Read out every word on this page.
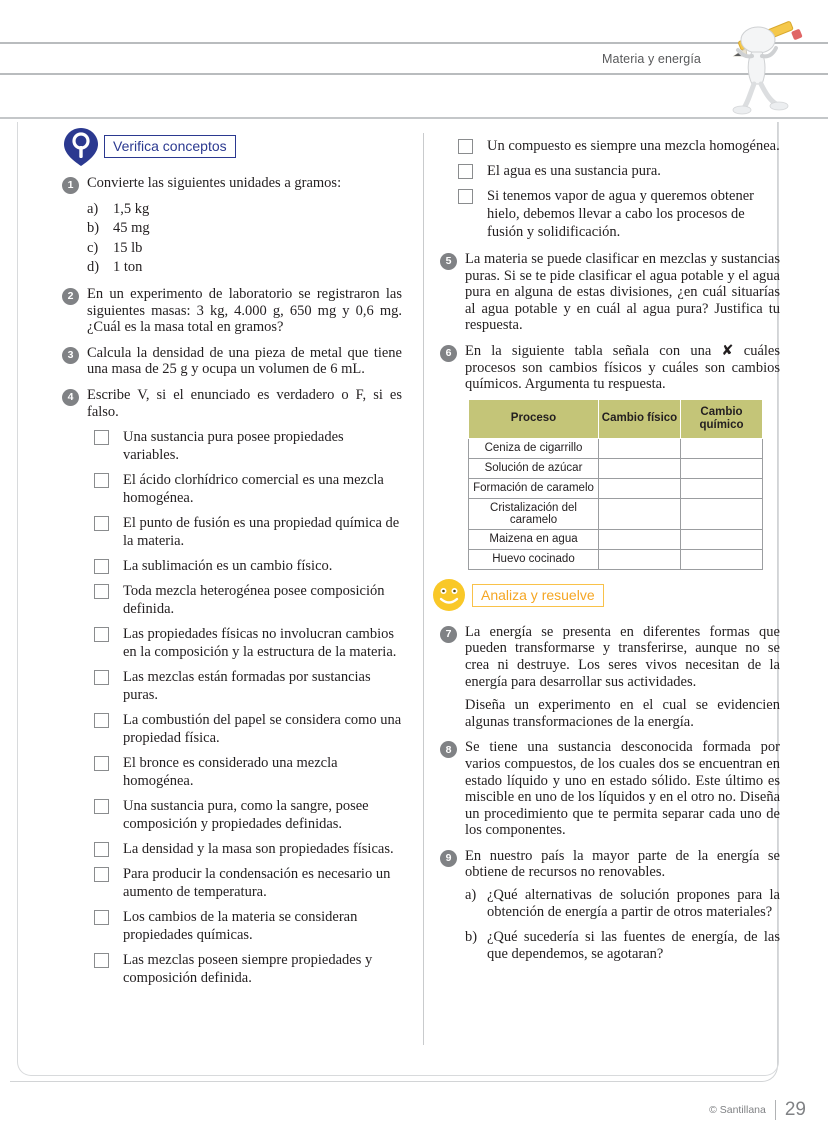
Materia y energía
Verifica conceptos
1 Convierte las siguientes unidades a gramos:
a) 1,5 kg
b) 45 mg
c) 15 lb
d) 1 ton
2 En un experimento de laboratorio se registraron las siguientes masas: 3 kg, 4.000 g, 650 mg y 0,6 mg. ¿Cuál es la masa total en gramos?
3 Calcula la densidad de una pieza de metal que tiene una masa de 25 g y ocupa un volumen de 6 mL.
4 Escribe V, si el enunciado es verdadero o F, si es falso.
Una sustancia pura posee propiedades variables.
El ácido clorhídrico comercial es una mezcla homogénea.
El punto de fusión es una propiedad química de la materia.
La sublimación es un cambio físico.
Toda mezcla heterogénea posee composición definida.
Las propiedades físicas no involucran cambios en la composición y la estructura de la materia.
Las mezclas están formadas por sustancias puras.
La combustión del papel se considera como una propiedad física.
El bronce es considerado una mezcla homogénea.
Una sustancia pura, como la sangre, posee composición y propiedades definidas.
La densidad y la masa son propiedades físicas.
Para producir la condensación es necesario un aumento de temperatura.
Los cambios de la materia se consideran propiedades químicas.
Las mezclas poseen siempre propiedades y composición definida.
Un compuesto es siempre una mezcla homogénea.
El agua es una sustancia pura.
Si tenemos vapor de agua y queremos obtener hielo, debemos llevar a cabo los procesos de fusión y solidificación.
5 La materia se puede clasificar en mezclas y sustancias puras. Si se te pide clasificar el agua potable y el agua pura en alguna de estas divisiones, ¿en cuál situarías al agua potable y en cuál al agua pura? Justifica tu respuesta.
6 En la siguiente tabla señala con una ✘ cuáles procesos son cambios físicos y cuáles son cambios químicos. Argumenta tu respuesta.
Proceso	Cambio físico	Cambio químico
Ceniza de cigarrillo		
Solución de azúcar		
Formación de caramelo		
Cristalización del caramelo		
Maizena en agua		
Huevo cocinado		
Analiza y resuelve
7 La energía se presenta en diferentes formas que pueden transformarse y transferirse, aunque no se crea ni destruye. Los seres vivos necesitan de la energía para desarrollar sus actividades.
Diseña un experimento en el cual se evidencien algunas transformaciones de la energía.
8 Se tiene una sustancia desconocida formada por varios compuestos, de los cuales dos se encuentran en estado líquido y uno en estado sólido. Este último es miscible en uno de los líquidos y en el otro no. Diseña un procedimiento que te permita separar cada uno de los componentes.
9 En nuestro país la mayor parte de la energía se obtiene de recursos no renovables.
a) ¿Qué alternativas de solución propones para la obtención de energía a partir de otros materiales?
b) ¿Qué sucedería si las fuentes de energía, de las que dependemos, se agotaran?
© Santillana 29
